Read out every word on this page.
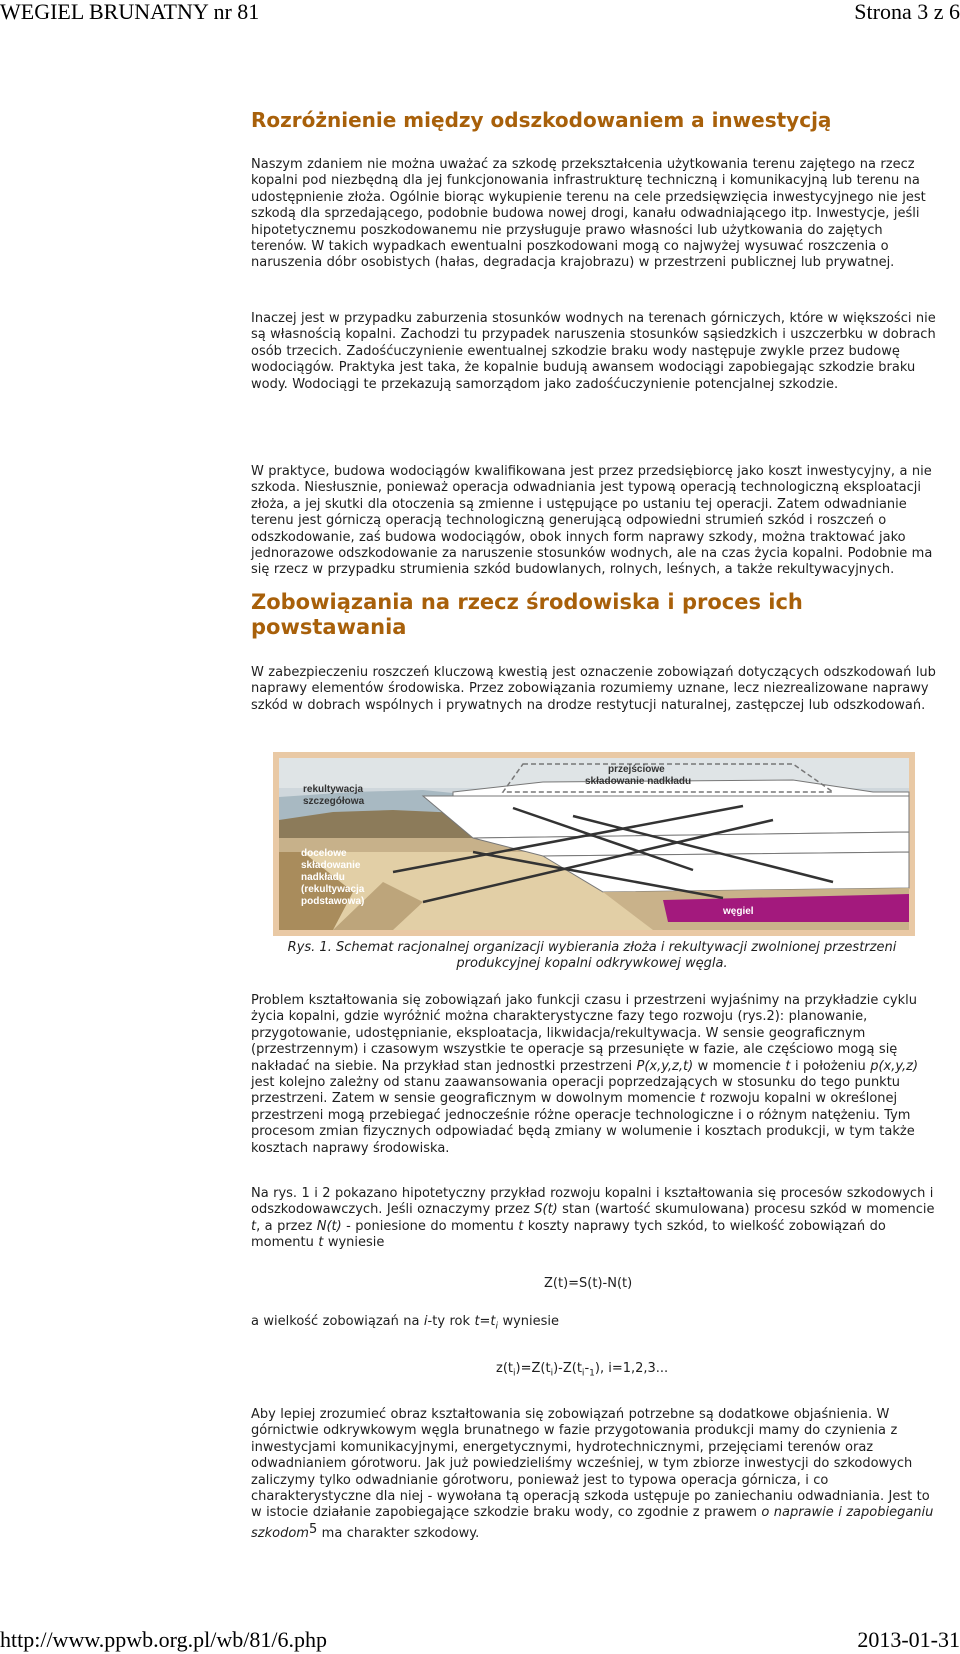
WEGIEL BRUNATNY nr 81	Strona 3 z 6
Rozróżnienie między odszkodowaniem a inwestycją

Naszym zdaniem nie można uważać za szkodę przekształcenia użytkowania terenu zajętego na rzecz kopalni pod niezbędną dla jej funkcjonowania infrastrukturę techniczną i komunikacyjną lub terenu na udostępnienie złoża. Ogólnie biorąc wykupienie terenu na cele przedsięwzięcia inwestycyjnego nie jest szkodą dla sprzedającego, podobnie budowa nowej drogi, kanału odwadniającego itp. Inwestycje, jeśli hipotetycznemu poszkodowanemu nie przysługuje prawo własności lub użytkowania do zajętych terenów. W takich wypadkach ewentualni poszkodowani mogą co najwyżej wysuwać roszczenia o naruszenia dóbr osobistych (hałas, degradacja krajobrazu) w przestrzeni publicznej lub prywatnej.

Inaczej jest w przypadku zaburzenia stosunków wodnych na terenach górniczych, które w większości nie są własnością kopalni. Zachodzi tu przypadek naruszenia stosunków sąsiedzkich i uszczerbku w dobrach osób trzecich. Zadośćuczynienie ewentualnej szkodzie braku wody następuje zwykle przez budowę wodociągów. Praktyka jest taka, że kopalnie budują awansem wodociągi zapobiegając szkodzie braku wody. Wodociągi te przekazują samorządom jako zadośćuczynienie potencjalnej szkodzie.

W praktyce, budowa wodociągów kwalifikowana jest przez przedsiębiorcę jako koszt inwestycyjny, a nie szkoda. Niesłusznie, ponieważ operacja odwadniania jest typową operacją technologiczną eksploatacji złoża, a jej skutki dla otoczenia są zmienne i ustępujące po ustaniu tej operacji. Zatem odwadnianie terenu jest górniczą operacją technologiczną generującą odpowiedni strumień szkód i roszczeń o odszkodowanie, zaś budowa wodociągów, obok innych form naprawy szkody, można traktować jako jednorazowe odszkodowanie za naruszenie stosunków wodnych, ale na czas życia kopalni. Podobnie ma się rzecz w przypadku strumienia szkód budowlanych, rolnych, leśnych, a także rekultywacyjnych.

Zobowiązania na rzecz środowiska i proces ich
powstawania

W zabezpieczeniu roszczeń kluczową kwestią jest oznaczenie zobowiązań dotyczących odszkodowań lub naprawy elementów środowiska. Przez zobowiązania rozumiemy uznane, lecz niezrealizowane naprawy szkód w dobrach wspólnych i prywatnych na drodze restytucji naturalnej, zastępczej lub odszkodowań.

rekultywacja
szczegółowa
przejściowe
składowanie nadkładu
docelowe
składowanie
nadkładu
(rekultywacja
podstawowa)
węgiel
Rys. 1. Schemat racjonalnej organizacji wybierania złoża i rekultywacji zwolnionej przestrzeni
produkcyjnej kopalni odkrywkowej węgla.

Problem kształtowania się zobowiązań jako funkcji czasu i przestrzeni wyjaśnimy na przykładzie cyklu życia kopalni, gdzie wyróżnić można charakterystyczne fazy tego rozwoju (rys.2): planowanie, przygotowanie, udostępnianie, eksploatacja, likwidacja/rekultywacja. W sensie geograficznym (przestrzennym) i czasowym wszystkie te operacje są przesunięte w fazie, ale częściowo mogą się nakładać na siebie. Na przykład stan jednostki przestrzeni P(x,y,z,t) w momencie t i położeniu p(x,y,z) jest kolejno zależny od stanu zaawansowania operacji poprzedzających w stosunku do tego punktu przestrzeni. Zatem w sensie geograficznym w dowolnym momencie t rozwoju kopalni w określonej przestrzeni mogą przebiegać jednocześnie różne operacje technologiczne i o różnym natężeniu. Tym procesom zmian fizycznych odpowiadać będą zmiany w wolumenie i kosztach produkcji, w tym także kosztach naprawy środowiska.

Na rys. 1 i 2 pokazano hipotetyczny przykład rozwoju kopalni i kształtowania się procesów szkodowych i odszkodowawczych. Jeśli oznaczymy przez S(t) stan (wartość skumulowana) procesu szkód w momencie t, a przez N(t) - poniesione do momentu t koszty naprawy tych szkód, to wielkość zobowiązań do momentu t wyniesie

Z(t)=S(t)-N(t)

a wielkość zobowiązań na i-ty rok $t=t_i$ wyniesie

$z(t_i)=Z(t_i)-Z(t_i-_1)$, i=1,2,3...

Aby lepiej zrozumieć obraz kształtowania się zobowiązań potrzebne są dodatkowe objaśnienia. W górnictwie odkrywkowym węgla brunatnego w fazie przygotowania produkcji mamy do czynienia z inwestycjami komunikacyjnymi, energetycznymi, hydrotechnicznymi, przejęciami terenów oraz odwadnianiem górotworu. Jak już powiedzieliśmy wcześniej, w tym zbiorze inwestycji do szkodowych zaliczymy tylko odwadnianie górotworu, ponieważ jest to typowa operacja górnicza, i co charakterystyczne dla niej - wywołana tą operacją szkoda ustępuje po zaniechaniu odwadniania. Jest to w istocie działanie zapobiegające szkodzie braku wody, co zgodnie z prawem o naprawie i zapobieganiu szkodom$^5$ ma charakter szkodowy.

http://www.ppwb.org.pl/wb/81/6.php	2013-01-31
